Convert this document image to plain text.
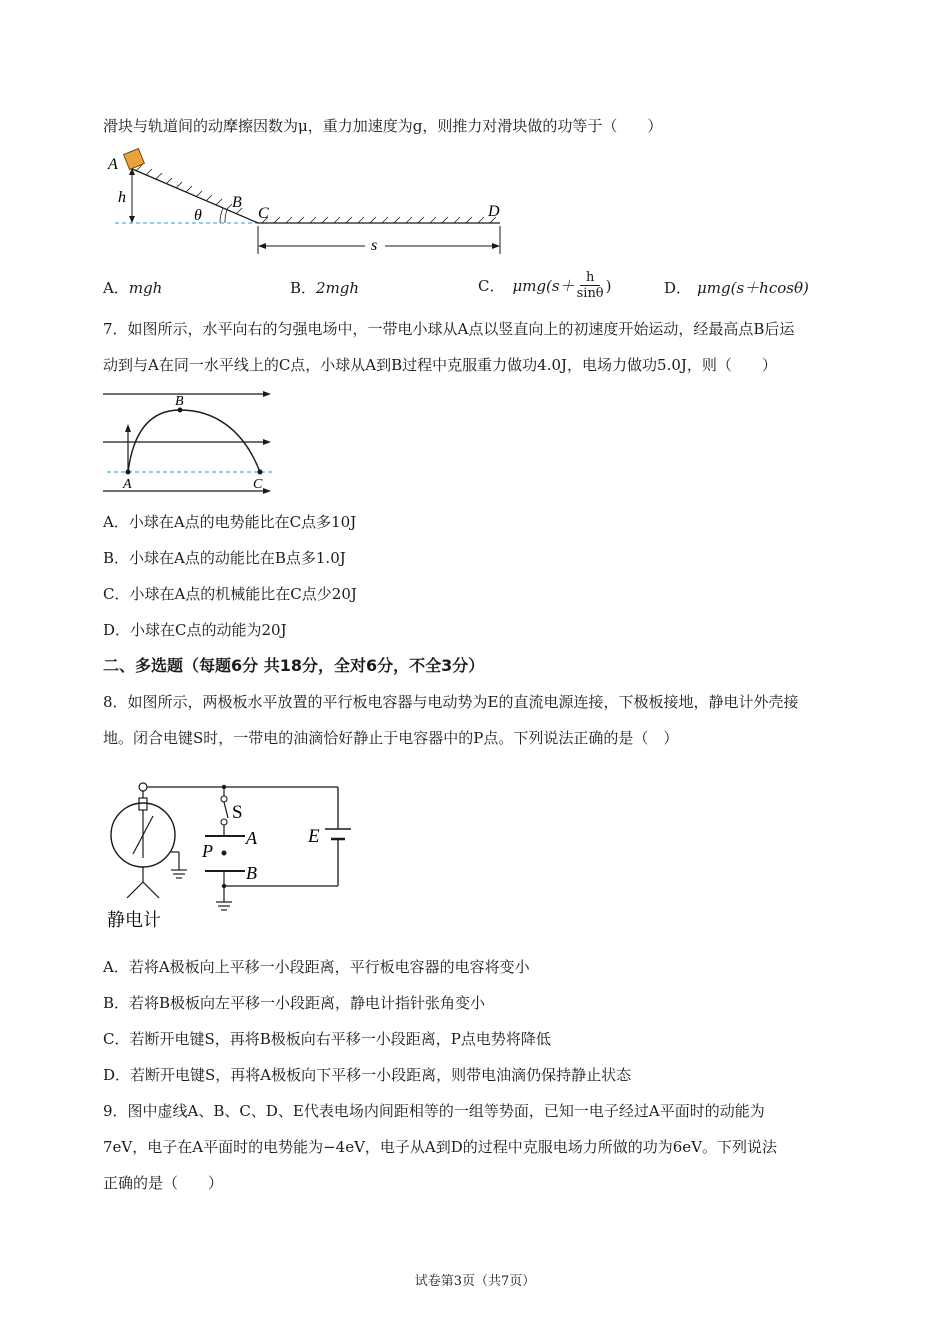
滑块与轨道间的动摩擦因数为μ，重力加速度为g，则推力对滑块做的功等于（　　）
A
h
θ
B
C	D
s
A．mgh	B．2mgh	C． μmg(s＋ h
sinθ )	D． μmg(s＋hcosθ)
7．如图所示，水平向右的匀强电场中，一带电小球从A点以竖直向上的初速度开始运动，经最高点B后运
动到与A在同一水平线上的C点，小球从A到B过程中克服重力做功4.0J，电场力做功5.0J，则（　　）
B
A	C
A．小球在A点的电势能比在C点多10J
B．小球在A点的动能比在B点多1.0J
C．小球在A点的机械能比在C点少20J
D．小球在C点的动能为20J
二、多选题（每题6分 共18分，全对6分，不全3分）
8．如图所示，两极板水平放置的平行板电容器与电动势为E的直流电源连接，下极板接地，静电计外壳接
地。闭合电键S时，一带电的油滴恰好静止于电容器中的P点。下列说法正确的是（　）
S
A
P
B
E
静电计
A．若将A极板向上平移一小段距离，平行板电容器的电容将变小
B．若将B极板向左平移一小段距离，静电计指针张角变小
C．若断开电键S，再将B极板向右平移一小段距离，P点电势将降低
D．若断开电键S，再将A极板向下平移一小段距离，则带电油滴仍保持静止状态
9．图中虚线A、B、C、D、E代表电场内间距相等的一组等势面，已知一电子经过A平面时的动能为
7eV，电子在A平面时的电势能为−4eV，电子从A到D的过程中克服电场力所做的功为6eV。下列说法
正确的是（　　）
试卷第3页（共7页）
